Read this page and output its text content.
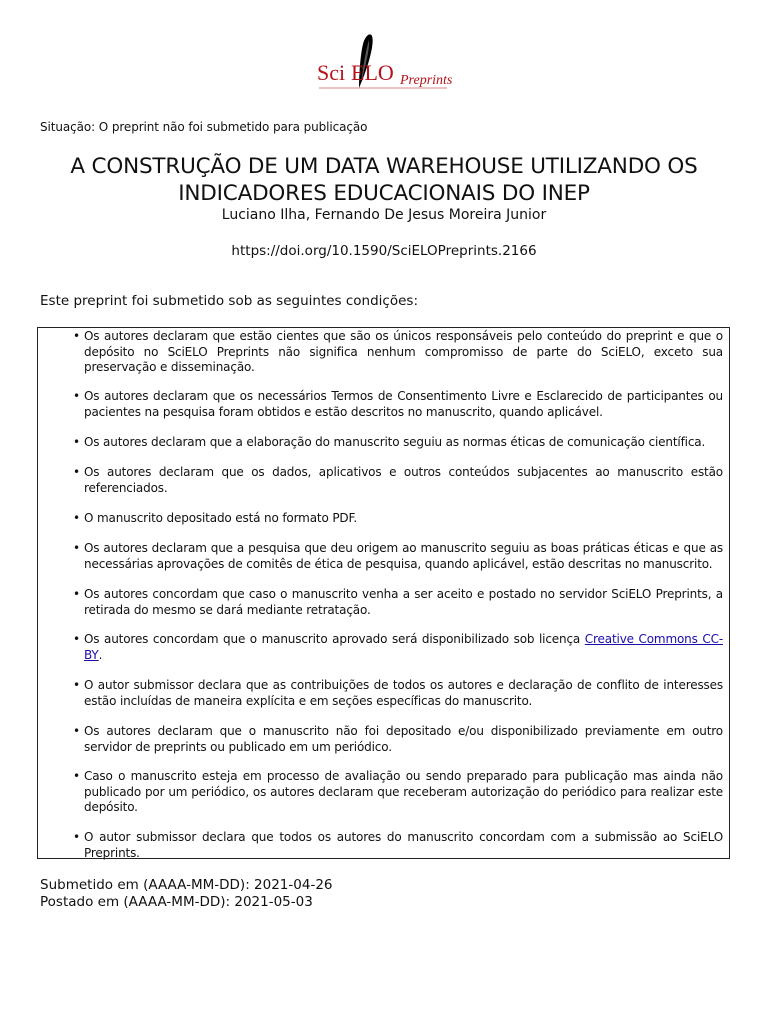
Sci ELO Preprints
Situação: O preprint não foi submetido para publicação
A CONSTRUÇÃO DE UM DATA WAREHOUSE UTILIZANDO OS
INDICADORES EDUCACIONAIS DO INEP
Luciano Ilha, Fernando De Jesus Moreira Junior
https://doi.org/10.1590/SciELOPreprints.2166
Este preprint foi submetido sob as seguintes condições:
• Os autores declaram que estão cientes que são os únicos responsáveis pelo conteúdo do preprint e que o depósito no SciELO Preprints não significa nenhum compromisso de parte do SciELO, exceto sua preservação e disseminação.
• Os autores declaram que os necessários Termos de Consentimento Livre e Esclarecido de participantes ou pacientes na pesquisa foram obtidos e estão descritos no manuscrito, quando aplicável.
• Os autores declaram que a elaboração do manuscrito seguiu as normas éticas de comunicação científica.
• Os autores declaram que os dados, aplicativos e outros conteúdos subjacentes ao manuscrito estão referenciados.
• O manuscrito depositado está no formato PDF.
• Os autores declaram que a pesquisa que deu origem ao manuscrito seguiu as boas práticas éticas e que as necessárias aprovações de comitês de ética de pesquisa, quando aplicável, estão descritas no manuscrito.
• Os autores concordam que caso o manuscrito venha a ser aceito e postado no servidor SciELO Preprints, a retirada do mesmo se dará mediante retratação.
• Os autores concordam que o manuscrito aprovado será disponibilizado sob licença Creative Commons CC-BY.
• O autor submissor declara que as contribuições de todos os autores e declaração de conflito de interesses estão incluídas de maneira explícita e em seções específicas do manuscrito.
• Os autores declaram que o manuscrito não foi depositado e/ou disponibilizado previamente em outro servidor de preprints ou publicado em um periódico.
• Caso o manuscrito esteja em processo de avaliação ou sendo preparado para publicação mas ainda não publicado por um periódico, os autores declaram que receberam autorização do periódico para realizar este depósito.
• O autor submissor declara que todos os autores do manuscrito concordam com a submissão ao SciELO Preprints.
Submetido em (AAAA-MM-DD): 2021-04-26
Postado em (AAAA-MM-DD): 2021-05-03
